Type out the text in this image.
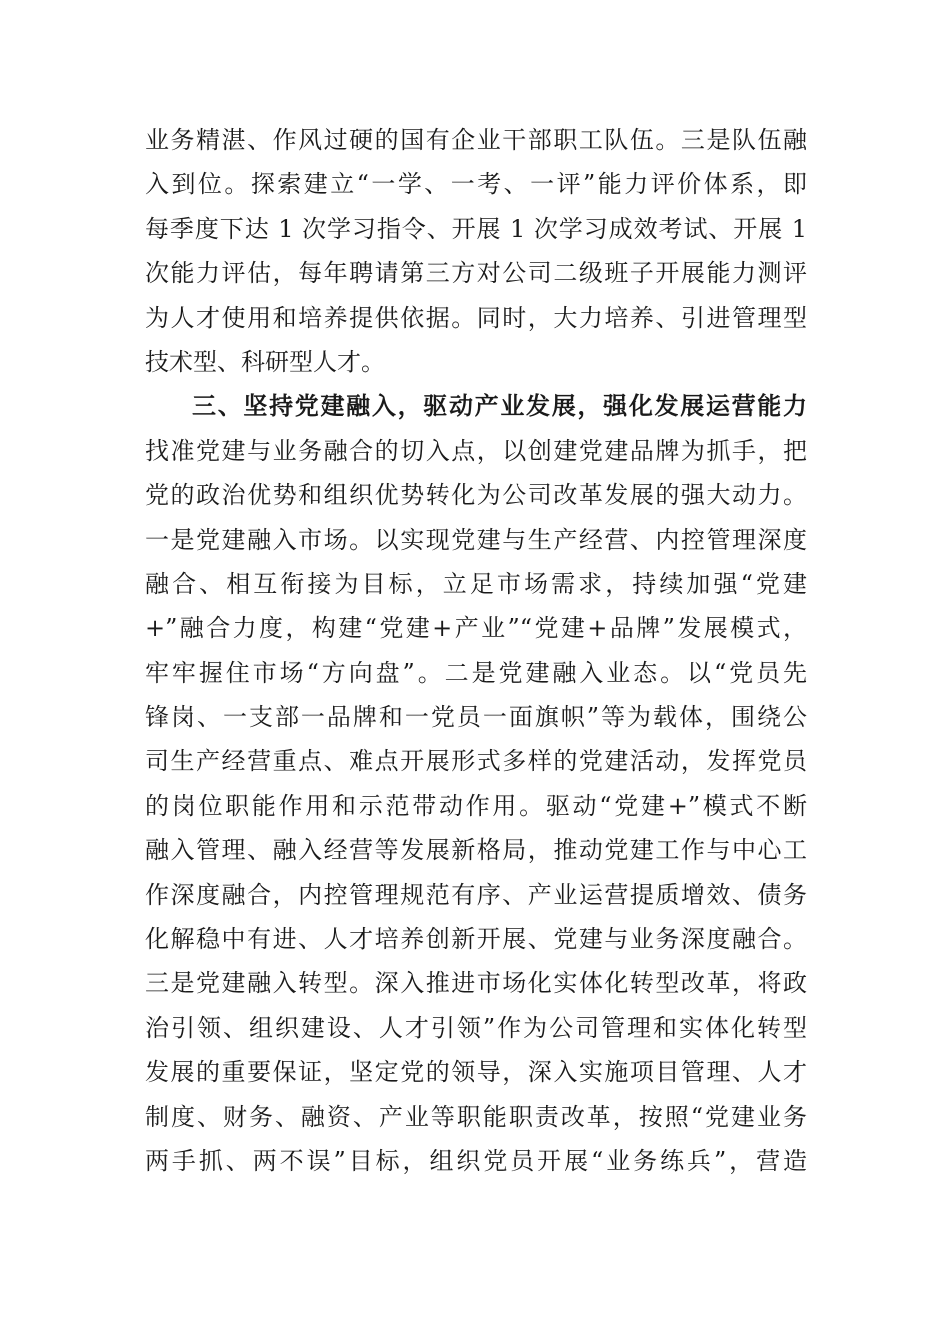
业务精湛、作风过硬的国有企业干部职工队伍。三是队伍融
入到位。探索建立“一学、一考、一评”能力评价体系，即
每季度下达 1 次学习指令、开展 1 次学习成效考试、开展 1
次能力评估，每年聘请第三方对公司二级班子开展能力测评
为人才使用和培养提供依据。同时，大力培养、引进管理型
技术型、科研型人才。
三、坚持党建融入，驱动产业发展，强化发展运营能力
找准党建与业务融合的切入点，以创建党建品牌为抓手，把
党的政治优势和组织优势转化为公司改革发展的强大动力。
一是党建融入市场。以实现党建与生产经营、内控管理深度
融合、相互衔接为目标，立足市场需求，持续加强“党建
+”融合力度，构建“党建+产业”“党建+品牌”发展模式，
牢牢握住市场“方向盘”。二是党建融入业态。以“党员先
锋岗、一支部一品牌和一党员一面旗帜”等为载体，围绕公
司生产经营重点、难点开展形式多样的党建活动，发挥党员
的岗位职能作用和示范带动作用。驱动“党建+”模式不断
融入管理、融入经营等发展新格局，推动党建工作与中心工
作深度融合，内控管理规范有序、产业运营提质增效、债务
化解稳中有进、人才培养创新开展、党建与业务深度融合。
三是党建融入转型。深入推进市场化实体化转型改革，将政
治引领、组织建设、人才引领”作为公司管理和实体化转型
发展的重要保证，坚定党的领导，深入实施项目管理、人才
制度、财务、融资、产业等职能职责改革，按照“党建业务
两手抓、两不误”目标，组织党员开展“业务练兵”，营造
